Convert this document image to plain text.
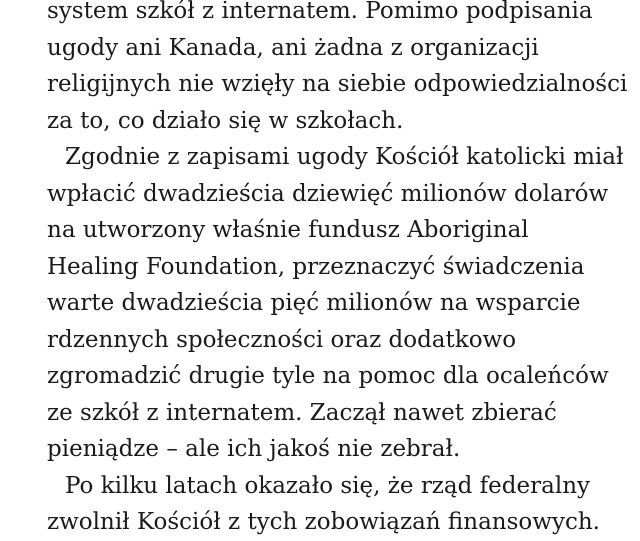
system szkół z internatem. Pomimo podpisania
ugody ani Kanada, ani żadna z organizacji
religijnych nie wzięły na siebie odpowiedzialności
za to, co działo się w szkołach.
Zgodnie z zapisami ugody Kościół katolicki miał
wpłacić dwadzieścia dziewięć milionów dolarów
na utworzony właśnie fundusz Aboriginal
Healing Foundation, przeznaczyć świadczenia
warte dwadzieścia pięć milionów na wsparcie
rdzennych społeczności oraz dodatkowo
zgromadzić drugie tyle na pomoc dla ocaleńców
ze szkół z internatem. Zaczął nawet zbierać
pieniądze – ale ich jakoś nie zebrał.
Po kilku latach okazało się, że rząd federalny
zwolnił Kościół z tych zobowiązań finansowych.
